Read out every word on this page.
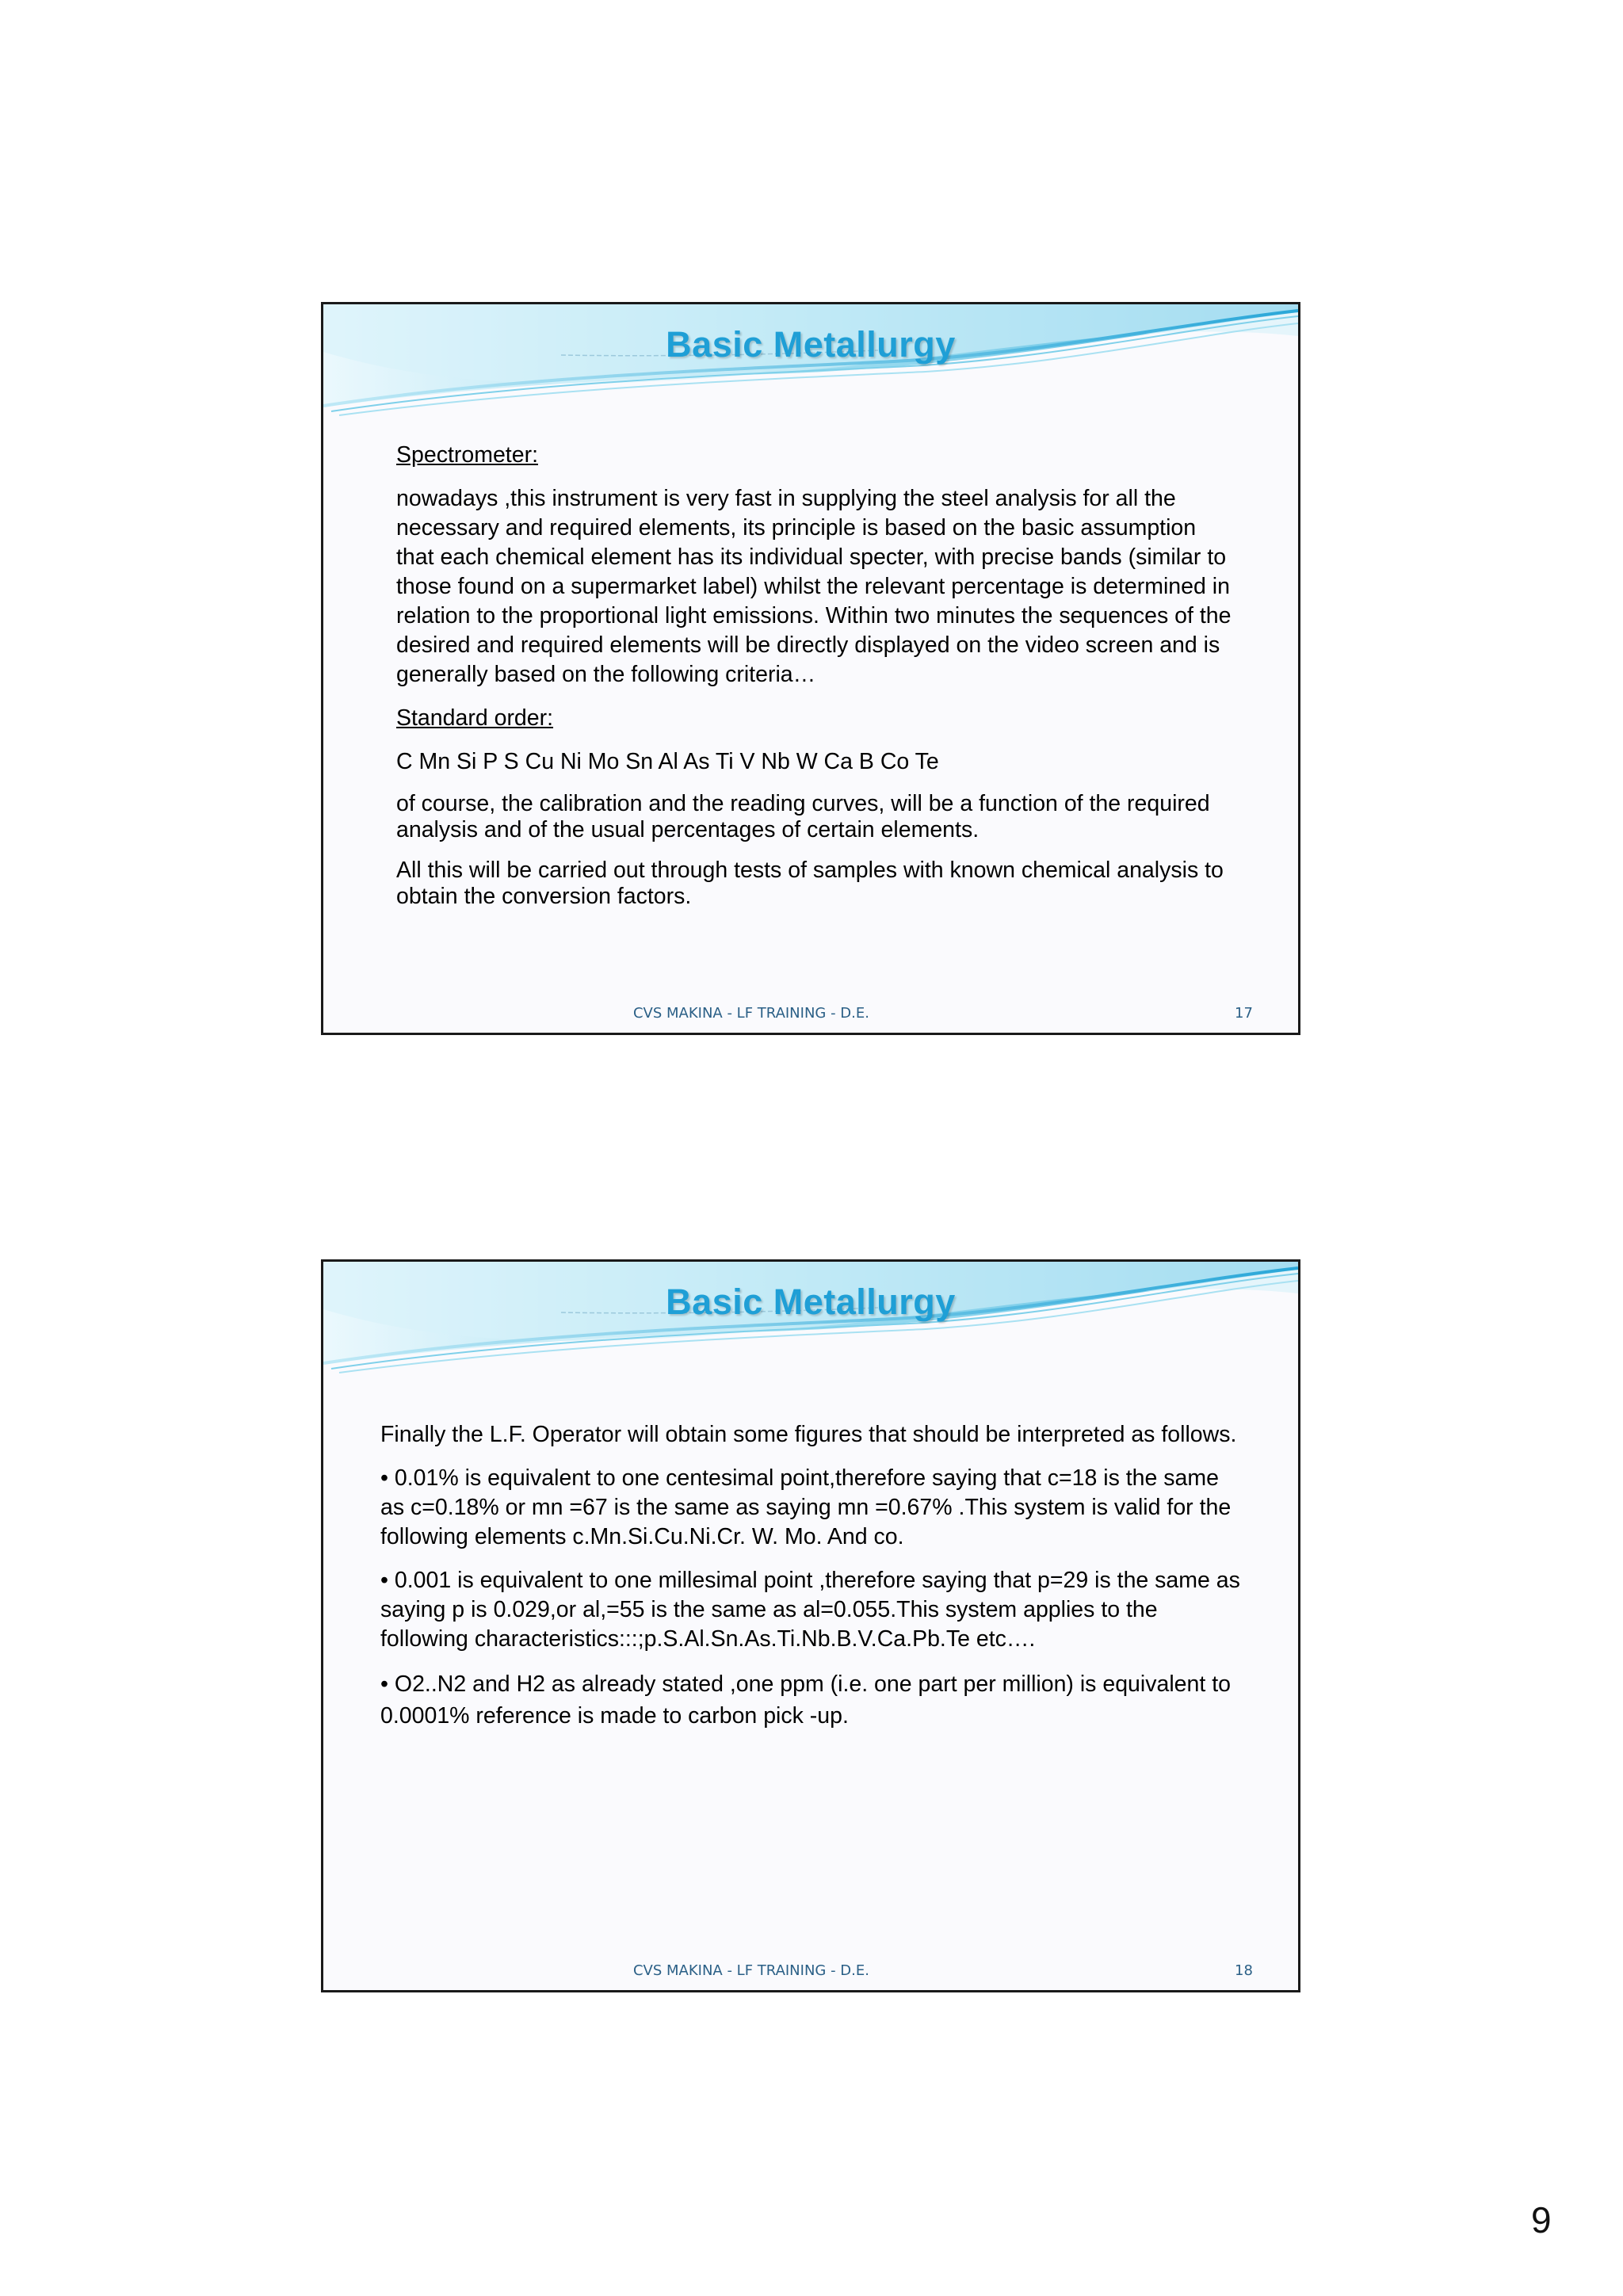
Basic Metallurgy

Spectrometer:

nowadays ,this instrument is very fast in supplying the steel analysis for all the necessary and required elements, its principle is based on the basic assumption that each chemical element has its individual specter, with precise bands (similar to those found on a supermarket label) whilst the relevant percentage is determined in relation to the proportional light emissions. Within two minutes the sequences of the desired and required elements will be directly displayed on the video screen and is generally based on the following criteria…

Standard order:

C Mn Si P S Cu Ni Mo Sn Al As Ti V Nb W Ca B Co Te

of course, the calibration and the reading curves, will be a function of the required analysis and of the usual percentages of certain elements.

All this will be carried out through tests of samples with known chemical analysis to obtain the conversion factors.

CVS MAKINA - LF TRAINING - D.E.	17
Basic Metallurgy

Finally the L.F. Operator will obtain some figures that should be interpreted as follows.

• 0.01% is equivalent to one centesimal point,therefore saying that c=18 is the same as c=0.18% or mn =67 is the same as saying mn =0.67% .This system is valid for the following elements c.Mn.Si.Cu.Ni.Cr. W. Mo. And co.

• 0.001 is equivalent to one millesimal point ,therefore saying that p=29 is the same as saying p is 0.029,or al,=55 is the same as al=0.055.This system applies to the following characteristics:::;p.S.Al.Sn.As.Ti.Nb.B.V.Ca.Pb.Te etc….

• O2..N2 and H2 as already stated ,one ppm (i.e. one part per million) is equivalent to 0.0001% reference is made to carbon pick -up.

CVS MAKINA - LF TRAINING - D.E.	18
9
